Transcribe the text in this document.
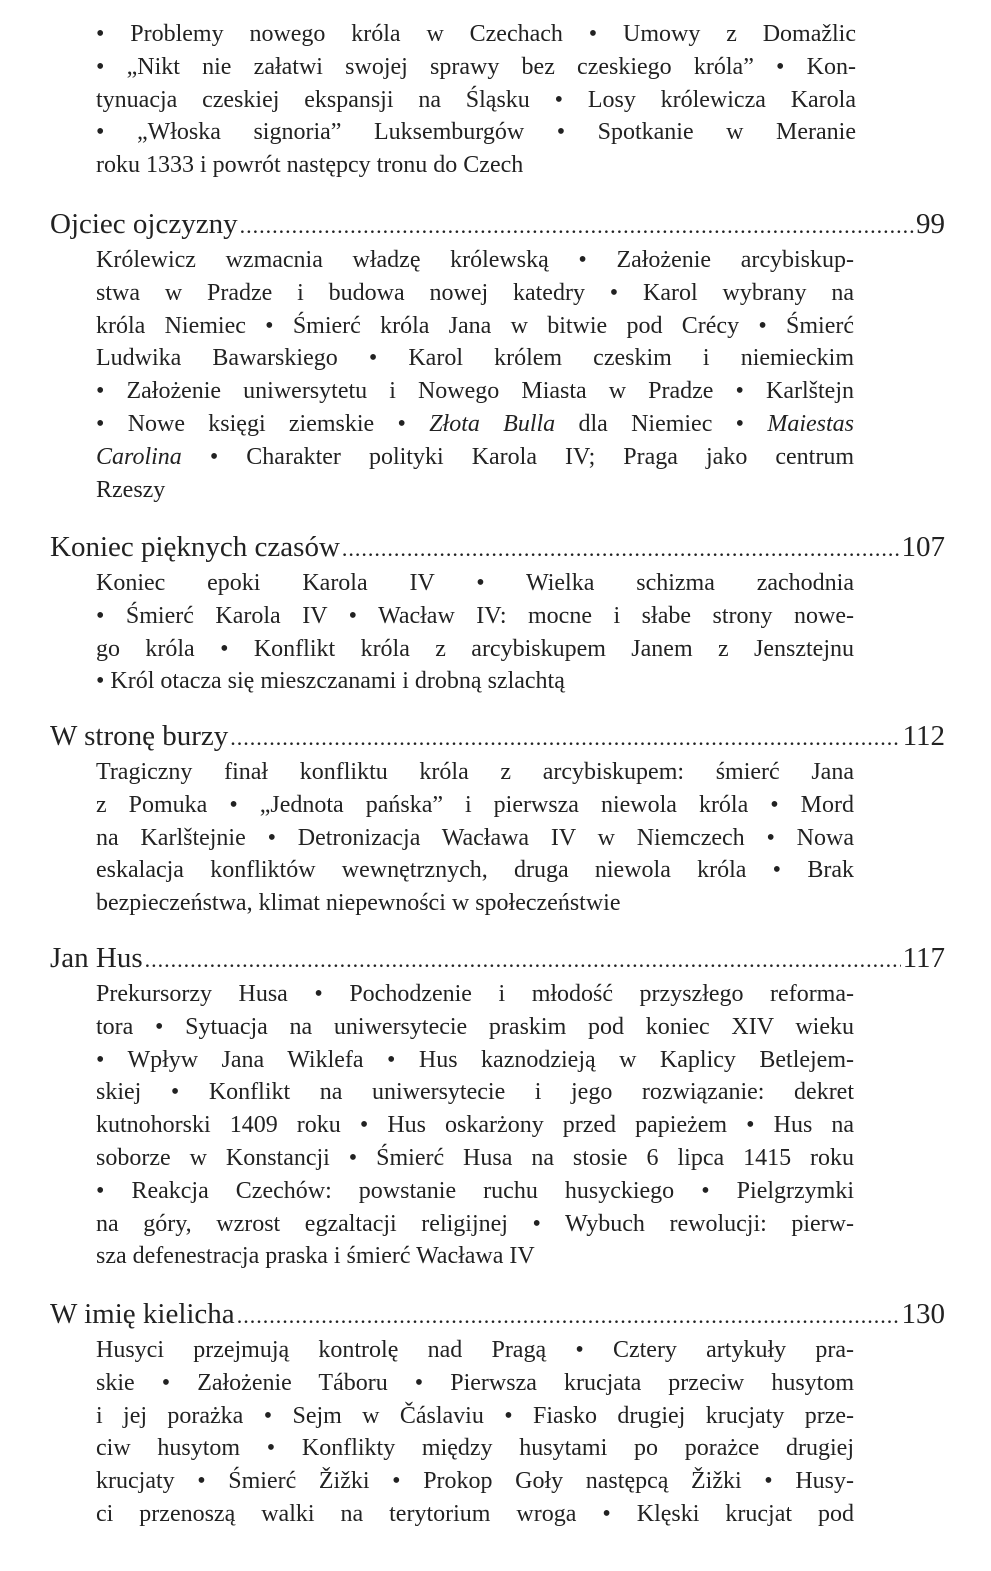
• Problemy nowego króla w Czechach • Umowy z Domažlic
• „Nikt nie załatwi swojej sprawy bez czeskiego króla” • Kon-
tynuacja czeskiej ekspansji na Śląsku • Losy królewicza Karola
• „Włoska signoria” Luksemburgów • Spotkanie w Meranie
roku 1333 i powrót następcy tronu do Czech
Ojciec ojczyzny .....	99
Królewicz wzmacnia władzę królewską • Założenie arcybiskup-
stwa w Pradze i budowa nowej katedry • Karol wybrany na
króla Niemiec • Śmierć króla Jana w bitwie pod Crécy • Śmierć
Ludwika Bawarskiego • Karol królem czeskim i niemieckim
• Założenie uniwersytetu i Nowego Miasta w Pradze • Karlštejn
• Nowe księgi ziemskie • Złota Bulla dla Niemiec • Maiestas
Carolina • Charakter polityki Karola IV; Praga jako centrum
Rzeszy
Koniec pięknych czasów .....	107
Koniec epoki Karola IV • Wielka schizma zachodnia
• Śmierć Karola IV • Wacław IV: mocne i słabe strony nowe-
go króla • Konflikt króla z arcybiskupem Janem z Jensztejnu
• Król otacza się mieszczanami i drobną szlachtą
W stronę burzy .....	112
Tragiczny finał konfliktu króla z arcybiskupem: śmierć Jana
z Pomuka • „Jednota pańska” i pierwsza niewola króla • Mord
na Karlštejnie • Detronizacja Wacława IV w Niemczech • Nowa
eskalacja konfliktów wewnętrznych, druga niewola króla • Brak
bezpieczeństwa, klimat niepewności w społeczeństwie
Jan Hus .....	117
Prekursorzy Husa • Pochodzenie i młodość przyszłego reforma-
tora • Sytuacja na uniwersytecie praskim pod koniec XIV wieku
• Wpływ Jana Wiklefa • Hus kaznodzieją w Kaplicy Betlejem-
skiej • Konflikt na uniwersytecie i jego rozwiązanie: dekret
kutnohorski 1409 roku • Hus oskarżony przed papieżem • Hus na
soborze w Konstancji • Śmierć Husa na stosie 6 lipca 1415 roku
• Reakcja Czechów: powstanie ruchu husyckiego • Pielgrzymki
na góry, wzrost egzaltacji religijnej • Wybuch rewolucji: pierw-
sza defenestracja praska i śmierć Wacława IV
W imię kielicha .....	130
Husyci przejmują kontrolę nad Pragą • Cztery artykuły pra-
skie • Założenie Táboru • Pierwsza krucjata przeciw husytom
i jej porażka • Sejm w Čáslaviu • Fiasko drugiej krucjaty prze-
ciw husytom • Konflikty między husytami po porażce drugiej
krucjaty • Śmierć Žižki • Prokop Goły następcą Žižki • Husy-
ci przenoszą walki na terytorium wroga • Klęski krucjat pod
